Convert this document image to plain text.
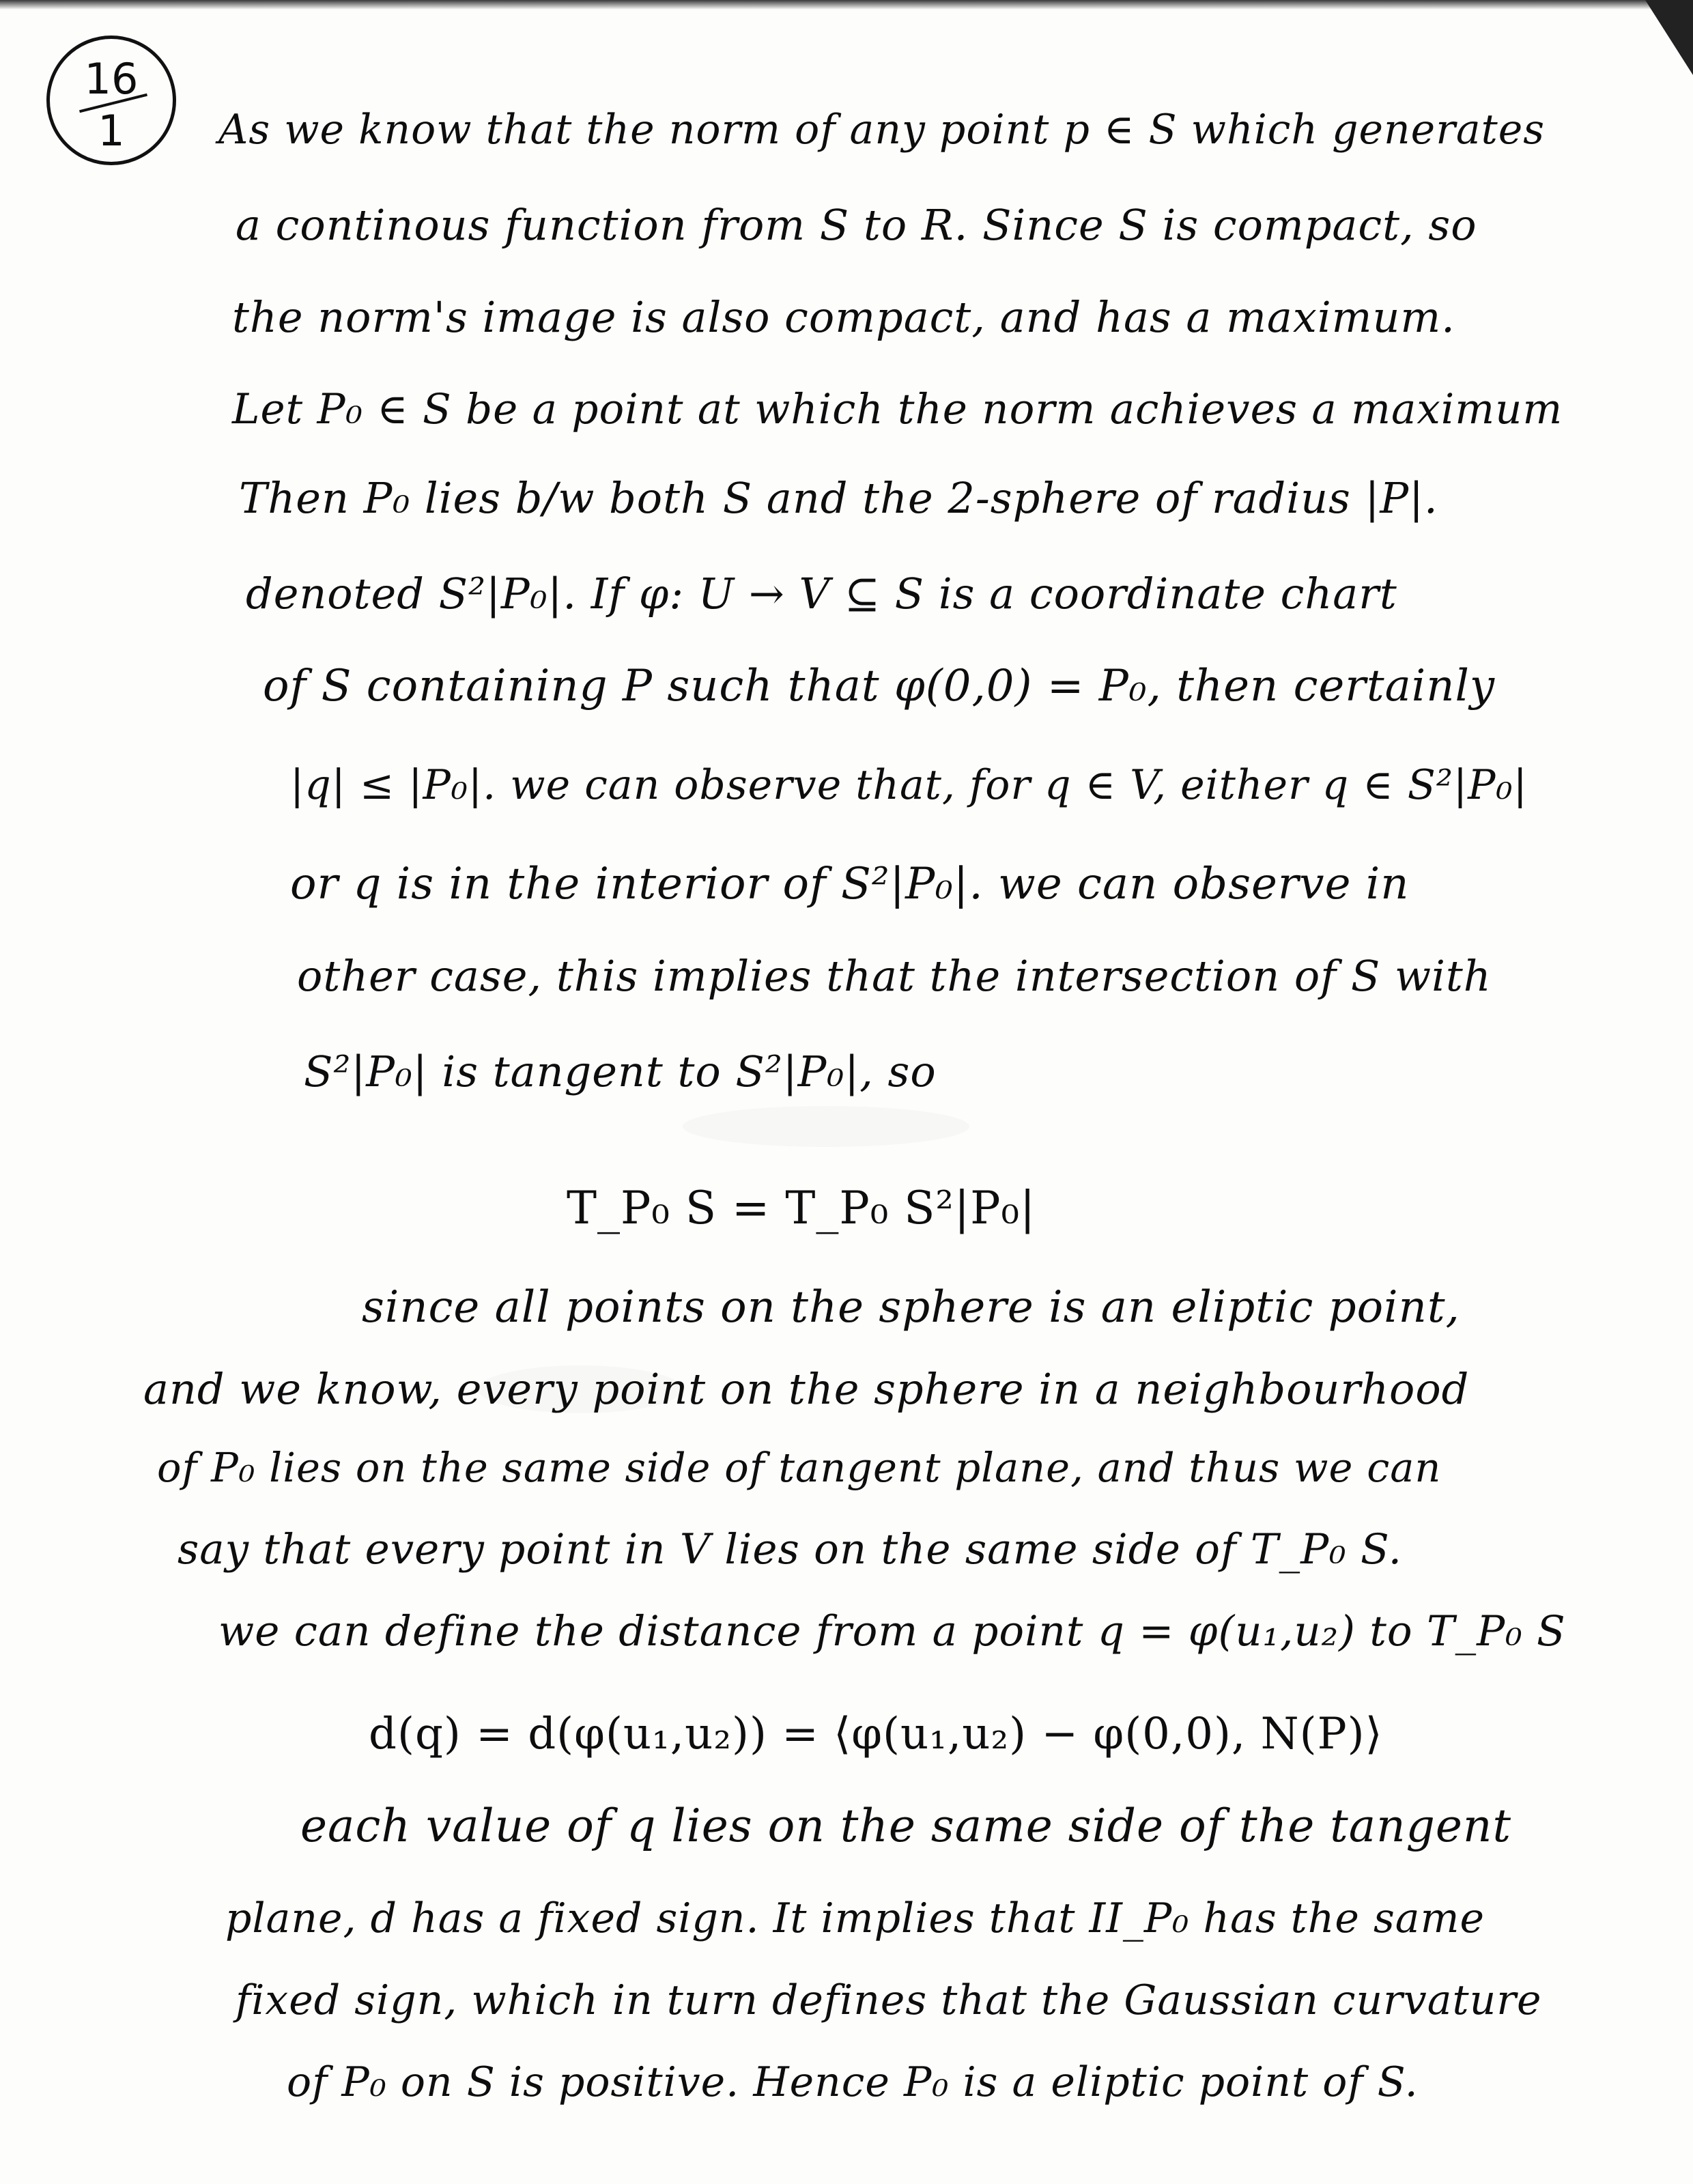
16
1	As we know that the norm of any point p ∈ S which generates
a continous function from S to R. Since S is compact, so
the norm's image is also compact, and has a maximum.
Let P₀ ∈ S be a point at which the norm achieves a maximum
Then P₀ lies b/w both S and the 2-sphere of radius |P|.
denoted S²|P₀|. If φ: U → V ⊆ S is a coordinate chart
of S containing P such that φ(0,0) = P₀, then certainly
|q| ≤ |P₀|. we can observe that, for q ∈ V, either q ∈ S²|P₀|
or q is in the interior of S²|P₀|. we can observe in
other case, this implies that the intersection of S with
S²|P₀| is tangent to S²|P₀|, so
T_P₀ S = T_P₀ S²|P₀|
since all points on the sphere is an eliptic point,
and we know, every point on the sphere in a neighbourhood
of P₀ lies on the same side of tangent plane, and thus we can
say that every point in V lies on the same side of T_P₀ S.
we can define the distance from a point q = φ(u₁,u₂) to T_P₀ S
d(q) = d(φ(u₁,u₂)) = ⟨φ(u₁,u₂) − φ(0,0), N(P)⟩
each value of q lies on the same side of the tangent
plane, d has a fixed sign. It implies that II_P₀ has the same
fixed sign, which in turn defines that the Gaussian curvature
of P₀ on S is positive. Hence P₀ is a eliptic point of S.
